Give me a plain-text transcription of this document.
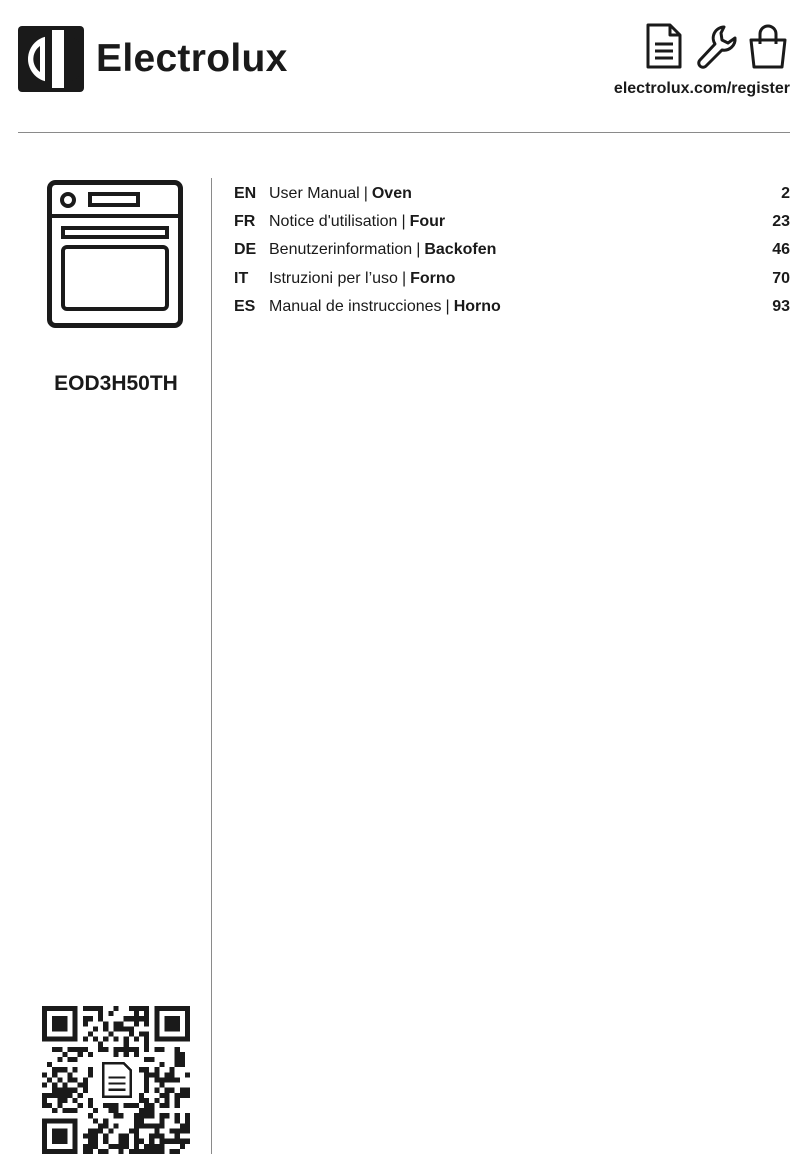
Electrolux
electrolux.com/register
EOD3H50TH
EN User Manual | Oven	2
FR Notice d'utilisation | Four	23
DE Benutzerinformation | Backofen	46
IT	Istruzioni per l’uso | Forno	70
ES Manual de instrucciones | Horno	93
